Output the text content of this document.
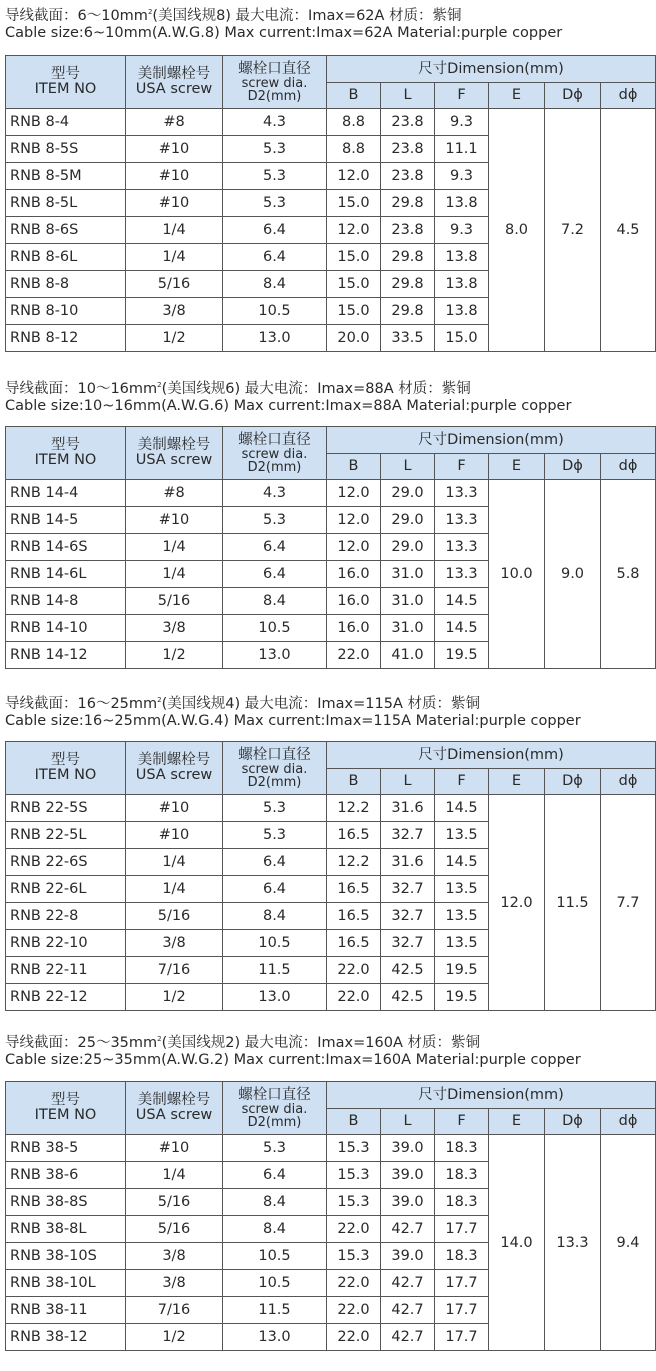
导线截面：$6\sim 10mm^2$(美国线规8) 最大电流：Imax=62A 材质：紫铜
Cable size:6~10mm(A.W.G.8) Max current:Imax=62A Material:purple copper
型号
ITEM NO	美制螺栓号
USA screw	螺栓口直径
screw dia.
D2(mm)	尺寸Dimension(mm)					
			B	L	F	E	Dϕ	dϕ
RNB 8-4	#8	4.3	8.8	23.8	9.3	8.0	7.2	4.5
RNB 8-5S	#10	5.3	8.8	23.8	11.1			
RNB 8-5M	#10	5.3	12.0	23.8	9.3			
RNB 8-5L	#10	5.3	15.0	29.8	13.8			
RNB 8-6S	1/4	6.4	12.0	23.8	9.3			
RNB 8-6L	1/4	6.4	15.0	29.8	13.8			
RNB 8-8	5/16	8.4	15.0	29.8	13.8			
RNB 8-10	3/8	10.5	15.0	29.8	13.8			
RNB 8-12	1/2	13.0	20.0	33.5	15.0			
导线截面：$10\sim 16mm^2$(美国线规6) 最大电流：Imax=88A 材质：紫铜
Cable size:10~16mm(A.W.G.6) Max current:Imax=88A Material:purple copper
型号
ITEM NO	美制螺栓号
USA screw	螺栓口直径
screw dia.
D2(mm)	尺寸Dimension(mm)					
			B	L	F	E	Dϕ	dϕ
RNB 14-4	#8	4.3	12.0	29.0	13.3	10.0	9.0	5.8
RNB 14-5	#10	5.3	12.0	29.0	13.3			
RNB 14-6S	1/4	6.4	12.0	29.0	13.3			
RNB 14-6L	1/4	6.4	16.0	31.0	13.3			
RNB 14-8	5/16	8.4	16.0	31.0	14.5			
RNB 14-10	3/8	10.5	16.0	31.0	14.5			
RNB 14-12	1/2	13.0	22.0	41.0	19.5			
导线截面：$16\sim 25mm^2$(美国线规4) 最大电流：Imax=115A 材质：紫铜
Cable size:16~25mm(A.W.G.4) Max current:Imax=115A Material:purple copper
型号
ITEM NO	美制螺栓号
USA screw	螺栓口直径
screw dia.
D2(mm)	尺寸Dimension(mm)					
			B	L	F	E	Dϕ	dϕ
RNB 22-5S	#10	5.3	12.2	31.6	14.5	12.0	11.5	7.7
RNB 22-5L	#10	5.3	16.5	32.7	13.5			
RNB 22-6S	1/4	6.4	12.2	31.6	14.5			
RNB 22-6L	1/4	6.4	16.5	32.7	13.5			
RNB 22-8	5/16	8.4	16.5	32.7	13.5			
RNB 22-10	3/8	10.5	16.5	32.7	13.5			
RNB 22-11	7/16	11.5	22.0	42.5	19.5			
RNB 22-12	1/2	13.0	22.0	42.5	19.5			
导线截面：$25\sim 35mm^2$(美国线规2) 最大电流：Imax=160A 材质：紫铜
Cable size:25~35mm(A.W.G.2) Max current:Imax=160A Material:purple copper
型号
ITEM NO	美制螺栓号
USA screw	螺栓口直径
screw dia.
D2(mm)	尺寸Dimension(mm)					
			B	L	F	E	Dϕ	dϕ
RNB 38-5	#10	5.3	15.3	39.0	18.3	14.0	13.3	9.4
RNB 38-6	1/4	6.4	15.3	39.0	18.3			
RNB 38-8S	5/16	8.4	15.3	39.0	18.3			
RNB 38-8L	5/16	8.4	22.0	42.7	17.7			
RNB 38-10S	3/8	10.5	15.3	39.0	18.3			
RNB 38-10L	3/8	10.5	22.0	42.7	17.7			
RNB 38-11	7/16	11.5	22.0	42.7	17.7			
RNB 38-12	1/2	13.0	22.0	42.7	17.7			
